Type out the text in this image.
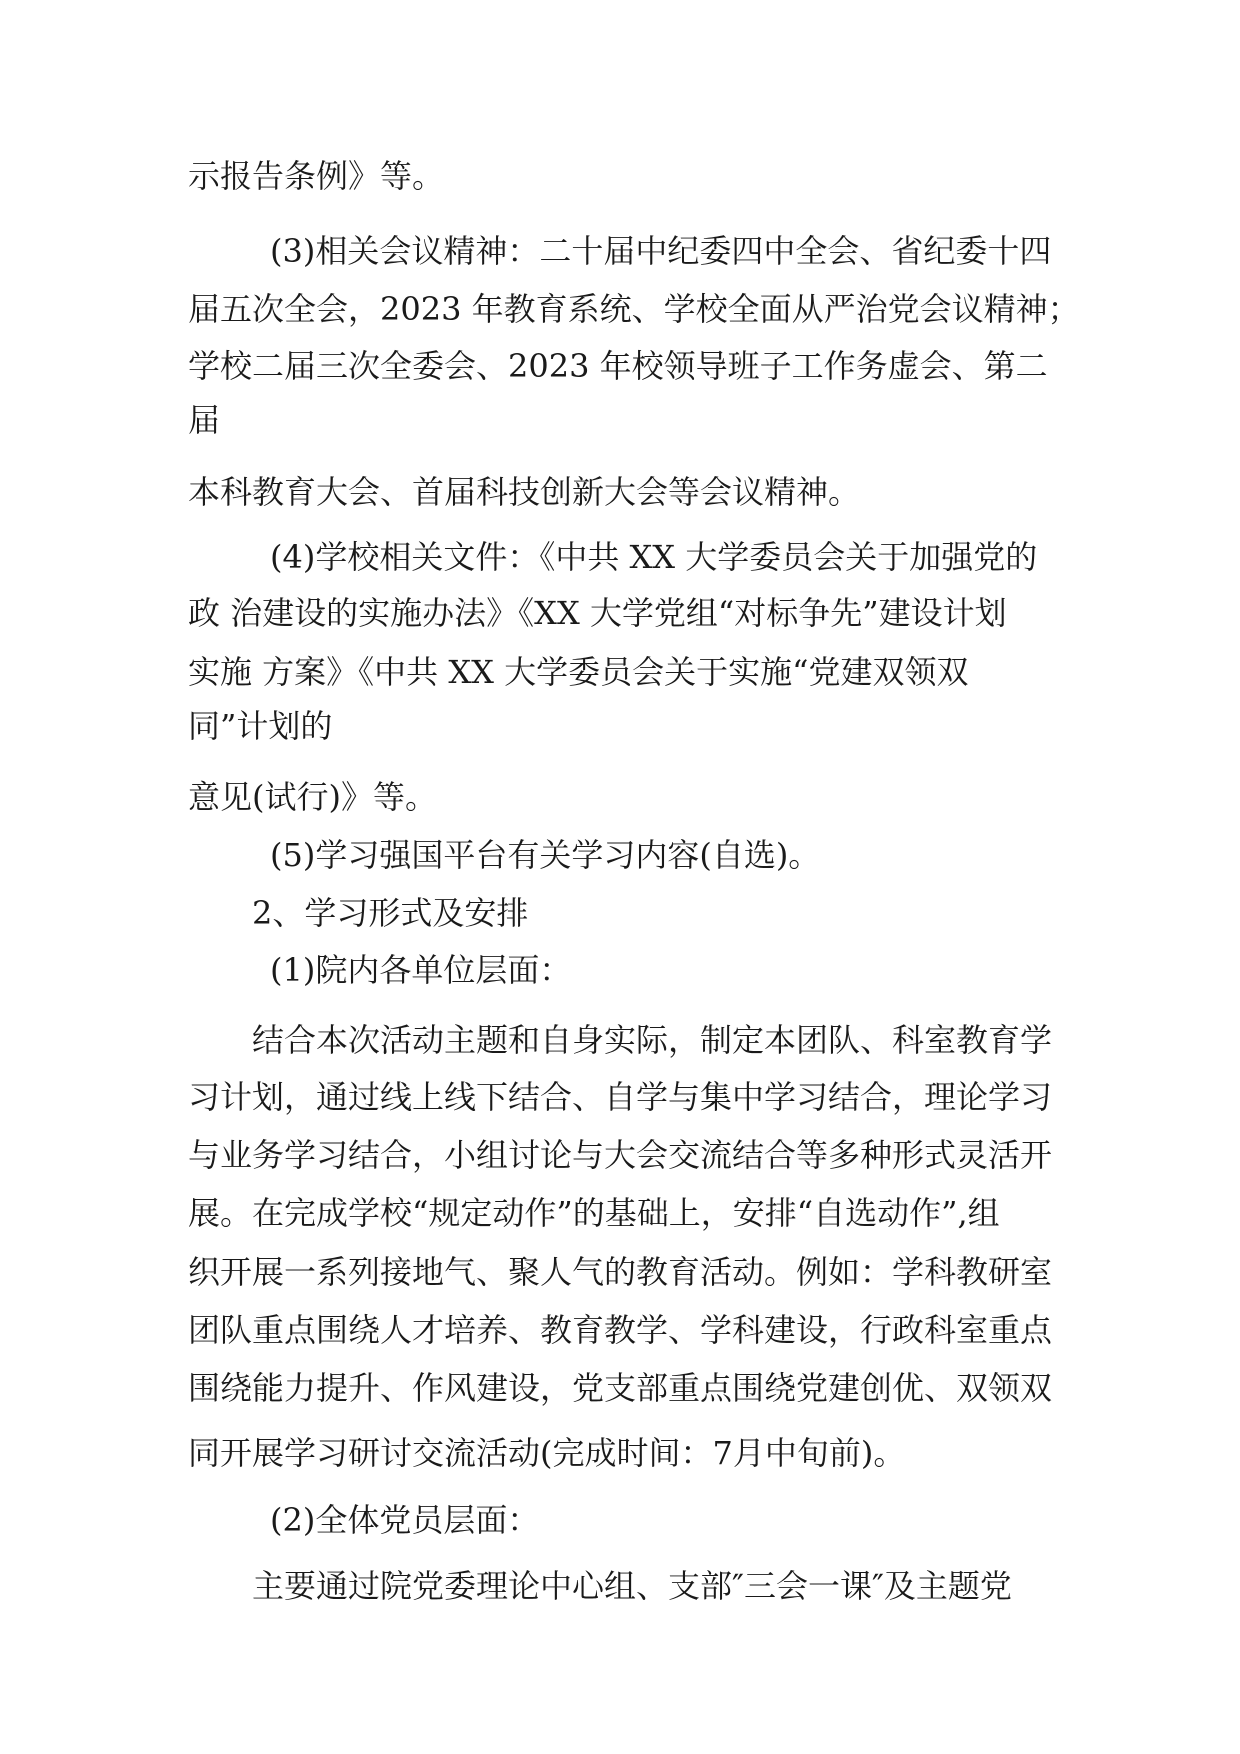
示报告条例》等。

(3)相关会议精神：二十届中纪委四中全会、省纪委十四

届五次全会，2023 年教育系统、学校全面从严治党会议精神；

学校二届三次全委会、2023 年校领导班子工作务虚会、第二

届

本科教育大会、首届科技创新大会等会议精神。

(4)学校相关文件：《中共 XX 大学委员会关于加强党的

政 治建设的实施办法》《XX 大学党组“对标争先”建设计划

实施 方案》《中共 XX 大学委员会关于实施“党建双领双

同”计划的

意见(试行)》等。

(5)学习强国平台有关学习内容(自选)。

2、学习形式及安排

(1)院内各单位层面：

结合本次活动主题和自身实际，制定本团队、科室教育学

习计划，通过线上线下结合、自学与集中学习结合，理论学习

与业务学习结合，小组讨论与大会交流结合等多种形式灵活开

展。在完成学校“规定动作”的基础上，安排“自选动作”,组

织开展一系列接地气、聚人气的教育活动。例如：学科教研室

团队重点围绕人才培养、教育教学、学科建设，行政科室重点

围绕能力提升、作风建设，党支部重点围绕党建创优、双领双

同开展学习研讨交流活动(完成时间：7月中旬前)。

(2)全体党员层面：

主要通过院党委理论中心组、支部″三会一课″及主题党
